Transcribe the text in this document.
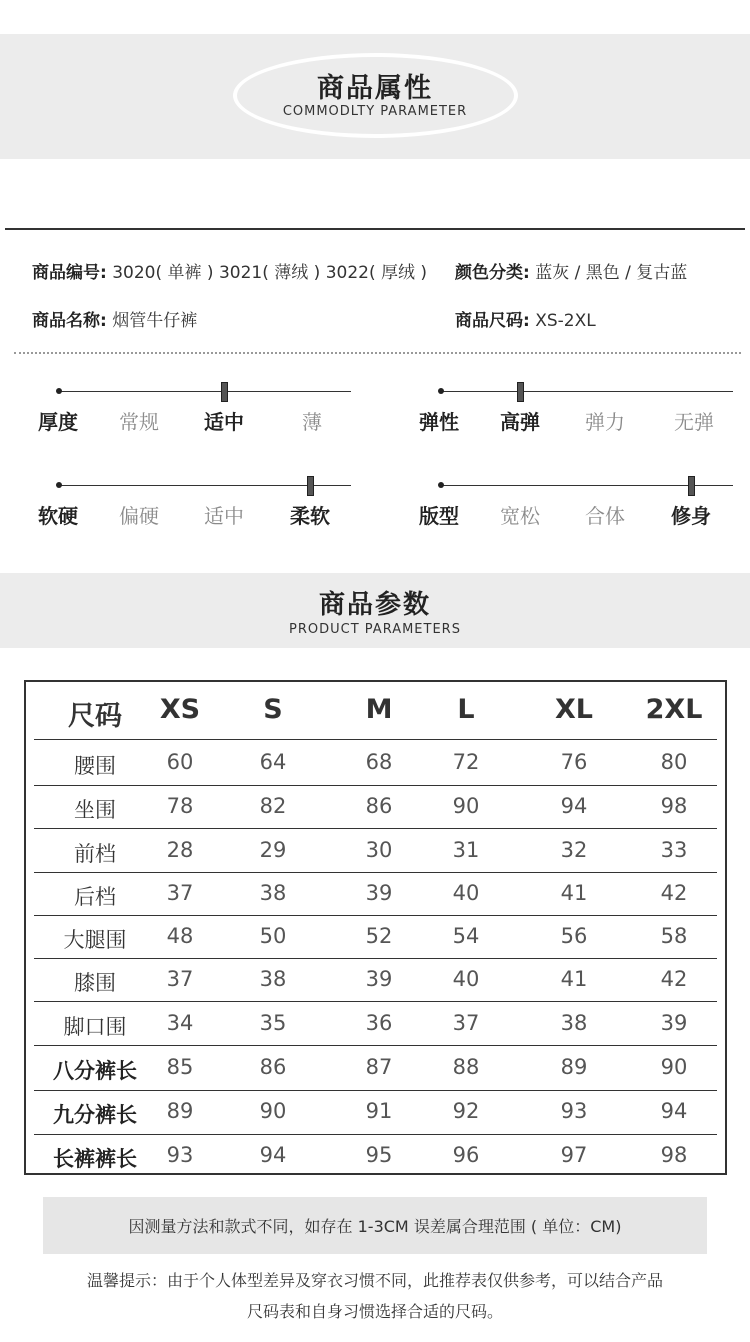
商品属性
COMMODLTY PARAMETER
商品编号: 3020( 单裤 ) 3021( 薄绒 ) 3022( 厚绒 ) 颜色分类: 蓝灰 / 黑色 / 复古蓝
商品名称: 烟管牛仔裤	商品尺码: XS-2XL
厚度 常规 适中	薄	弹性 高弹 弹力 无弹
软硬 偏硬 适中 柔软	版型 宽松 合体 修身
商品参数
PRODUCT PARAMETERS
尺码	XS	S	M	L	XL	2XL
腰围	60	64	68	72	76	80
坐围	78	82	86	90	94	98
前档	28	29	30	31	32	33
后档	37	38	39	40	41	42
大腿围	48	50	52	54	56	58
膝围	37	38	39	40	41	42
脚口围	34	35	36	37	38	39
八分裤长	85	86	87	88	89	90
九分裤长	89	90	91	92	93	94
长裤裤长	93	94	95	96	97	98
因测量方法和款式不同，如存在 1-3CM 误差属合理范围 ( 单位：CM)
温馨提示：由于个人体型差异及穿衣习惯不同，此推荐表仅供参考，可以结合产品
尺码表和自身习惯选择合适的尺码。
